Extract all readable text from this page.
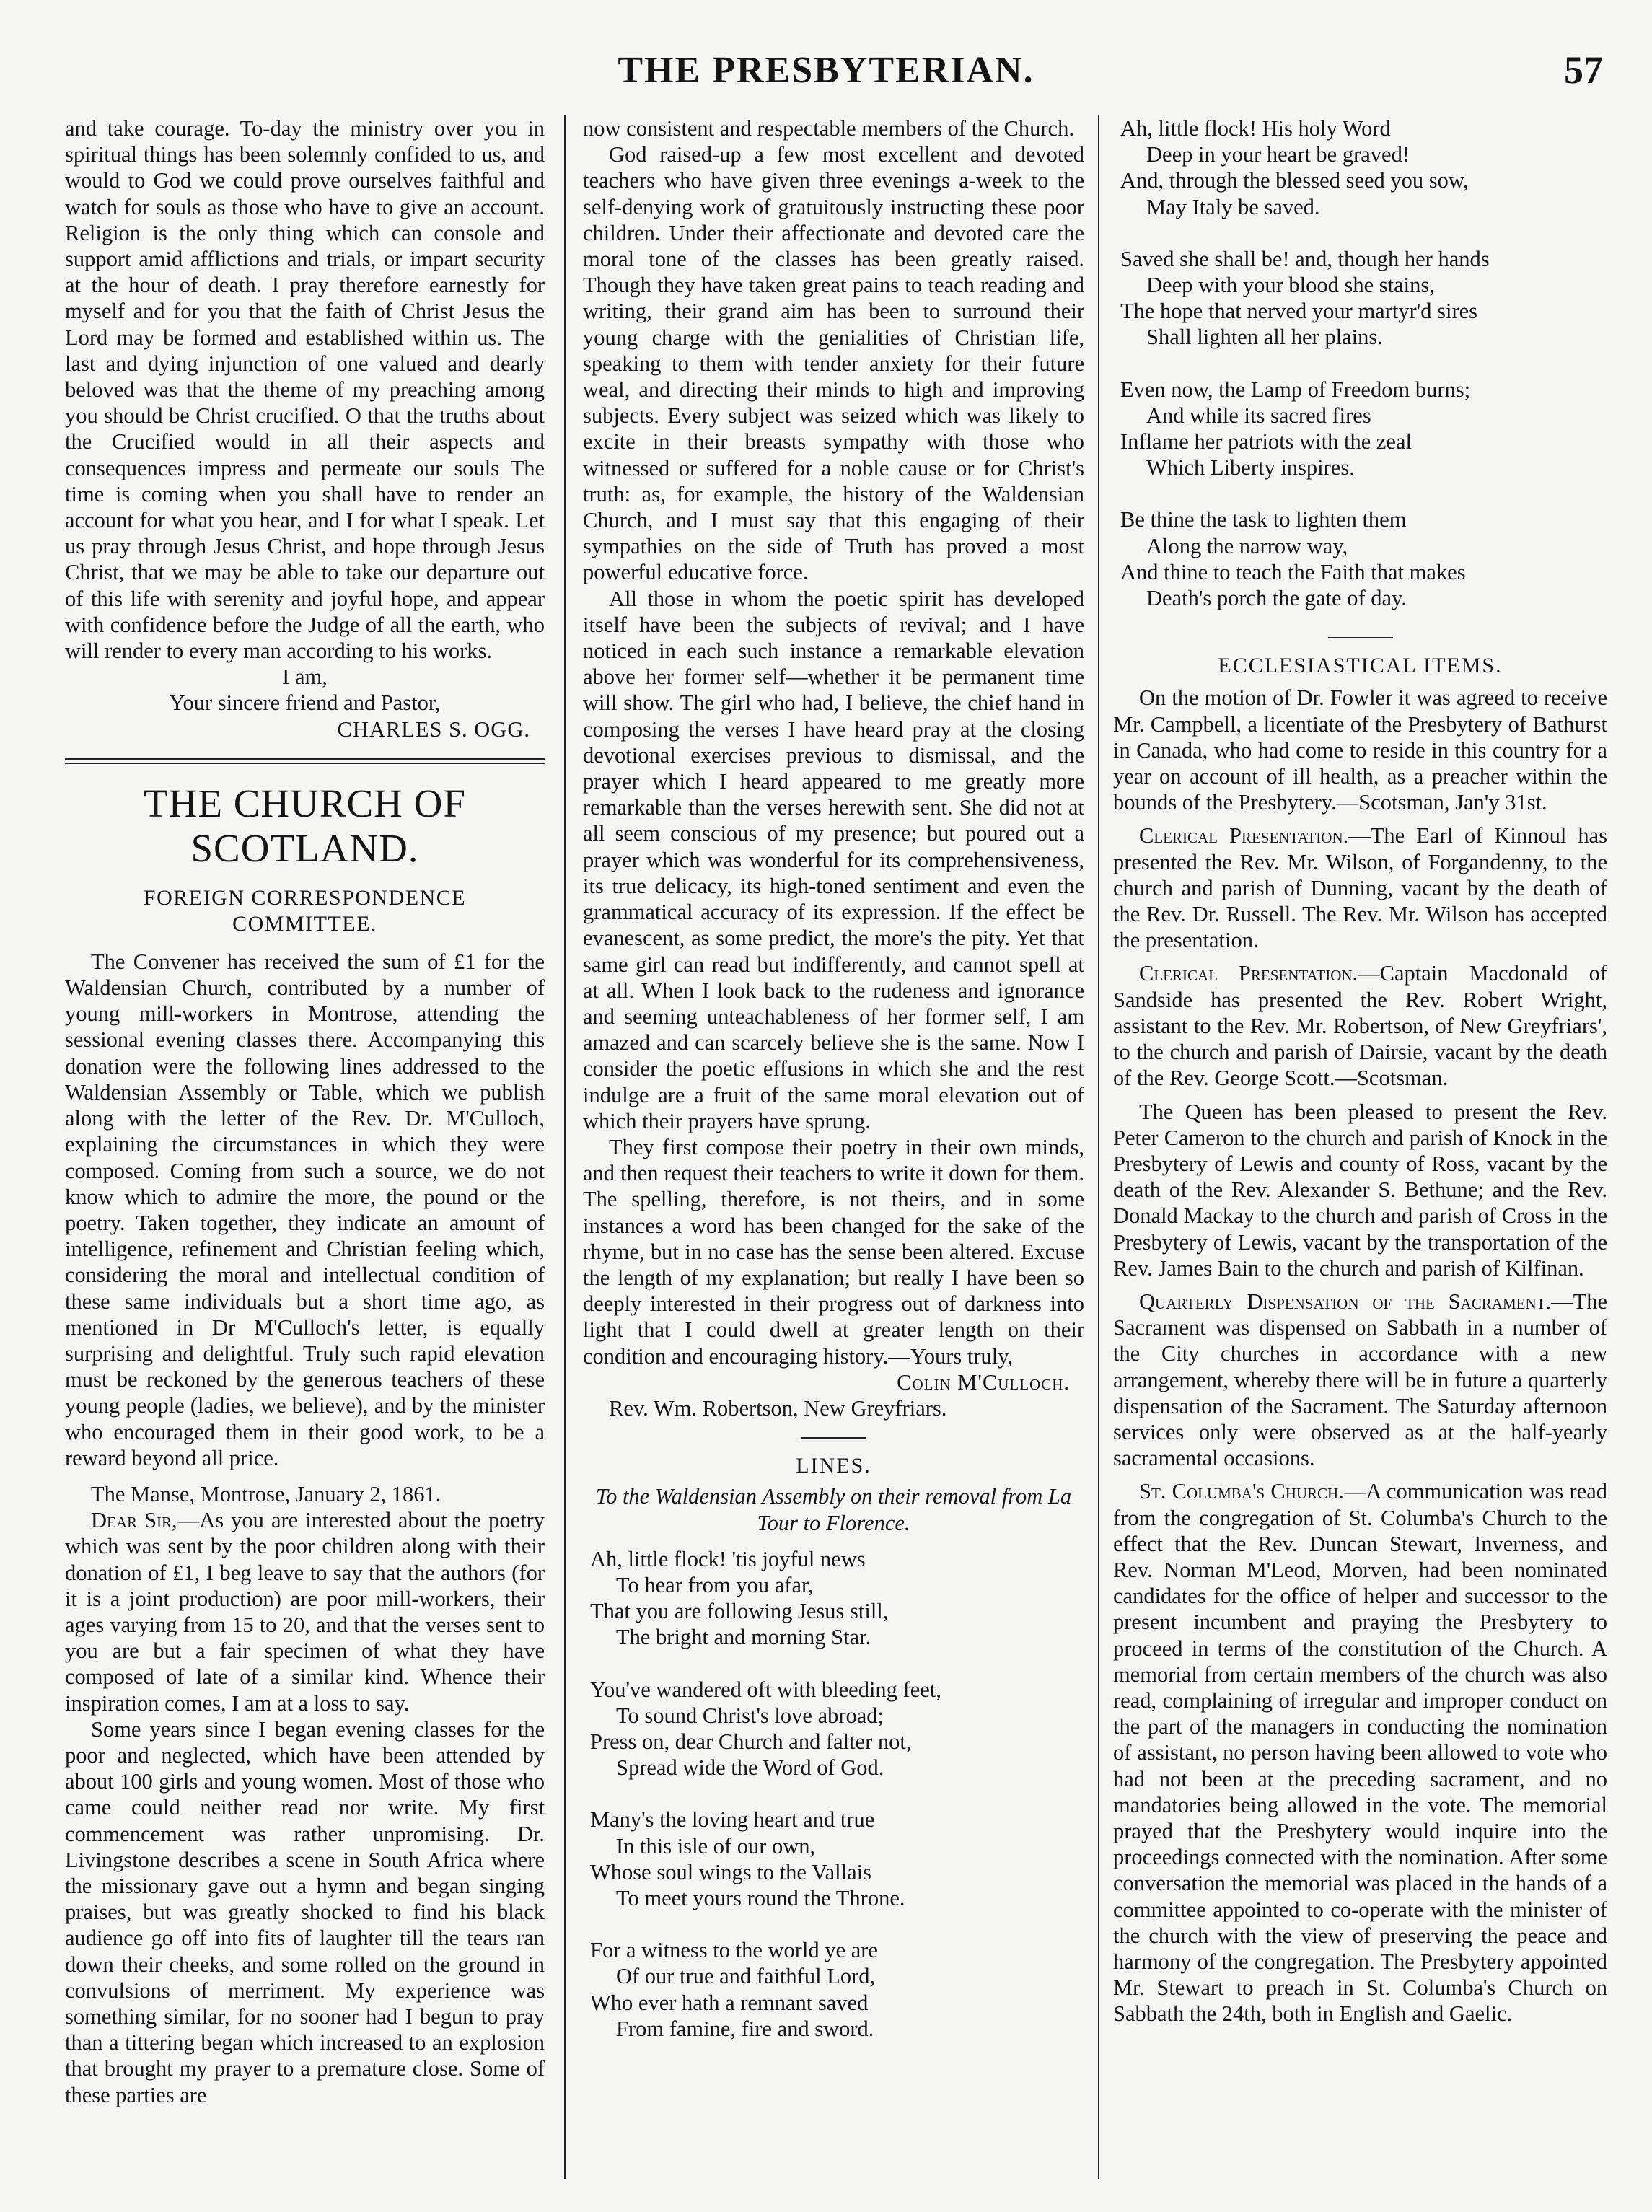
THE PRESBYTERIAN.	57

and take courage. To-day the ministry over you in spiritual things has been solemnly confided to us, and would to God we could prove ourselves faithful and watch for souls as those who have to give an account. Religion is the only thing which can console and support amid afflictions and trials, or impart security at the hour of death. I pray therefore earnestly for myself and for you that the faith of Christ Jesus the Lord may be formed and established within us. The last and dying injunction of one valued and dearly beloved was that the theme of my preaching among you should be Christ crucified. O that the truths about the Crucified would in all their aspects and consequences impress and permeate our souls The time is coming when you shall have to render an account for what you hear, and I for what I speak. Let us pray through Jesus Christ, and hope through Jesus Christ, that we may be able to take our departure out of this life with serenity and joyful hope, and appear with confidence before the Judge of all the earth, who will render to every man according to his works.

I am,

Your sincere friend and Pastor,

CHARLES S. OGG.

THE CHURCH OF SCOTLAND.
FOREIGN CORRESPONDENCE
COMMITTEE.

The Convener has received the sum of £1 for the Waldensian Church, contributed by a number of young mill-workers in Montrose, attending the sessional evening classes there. Accompanying this donation were the following lines addressed to the Waldensian Assembly or Table, which we publish along with the letter of the Rev. Dr. M'Culloch, explaining the circumstances in which they were composed. Coming from such a source, we do not know which to admire the more, the pound or the poetry. Taken together, they indicate an amount of intelligence, refinement and Christian feeling which, considering the moral and intellectual condition of these same individuals but a short time ago, as mentioned in Dr M'Culloch's letter, is equally surprising and delightful. Truly such rapid elevation must be reckoned by the generous teachers of these young people (ladies, we believe), and by the minister who encouraged them in their good work, to be a reward beyond all price.

The Manse, Montrose, January 2, 1861.

Dear Sir,—As you are interested about the poetry which was sent by the poor children along with their donation of £1, I beg leave to say that the authors (for it is a joint production) are poor mill-workers, their ages varying from 15 to 20, and that the verses sent to you are but a fair specimen of what they have composed of late of a similar kind. Whence their inspiration comes, I am at a loss to say.

Some years since I began evening classes for the poor and neglected, which have been attended by about 100 girls and young women. Most of those who came could neither read nor write. My first commencement was rather unpromising. Dr. Livingstone describes a scene in South Africa where the missionary gave out a hymn and began singing praises, but was greatly shocked to find his black audience go off into fits of laughter till the tears ran down their cheeks, and some rolled on the ground in convulsions of merriment. My experience was something similar, for no sooner had I begun to pray than a tittering began which increased to an explosion that brought my prayer to a premature close. Some of these parties are

now consistent and respectable members of the Church.

God raised-up a few most excellent and devoted teachers who have given three evenings a-week to the self-denying work of gratuitously instructing these poor children. Under their affectionate and devoted care the moral tone of the classes has been greatly raised. Though they have taken great pains to teach reading and writing, their grand aim has been to surround their young charge with the genialities of Christian life, speaking to them with tender anxiety for their future weal, and directing their minds to high and improving subjects. Every subject was seized which was likely to excite in their breasts sympathy with those who witnessed or suffered for a noble cause or for Christ's truth: as, for example, the history of the Waldensian Church, and I must say that this engaging of their sympathies on the side of Truth has proved a most powerful educative force.

All those in whom the poetic spirit has developed itself have been the subjects of revival; and I have noticed in each such instance a remarkable elevation above her former self—whether it be permanent time will show. The girl who had, I believe, the chief hand in composing the verses I have heard pray at the closing devotional exercises previous to dismissal, and the prayer which I heard appeared to me greatly more remarkable than the verses herewith sent. She did not at all seem conscious of my presence; but poured out a prayer which was wonderful for its comprehensiveness, its true delicacy, its high-toned sentiment and even the grammatical accuracy of its expression. If the effect be evanescent, as some predict, the more's the pity. Yet that same girl can read but indifferently, and cannot spell at at all. When I look back to the rudeness and ignorance and seeming unteachableness of her former self, I am amazed and can scarcely believe she is the same. Now I consider the poetic effusions in which she and the rest indulge are a fruit of the same moral elevation out of which their prayers have sprung.

They first compose their poetry in their own minds, and then request their teachers to write it down for them. The spelling, therefore, is not theirs, and in some instances a word has been changed for the sake of the rhyme, but in no case has the sense been altered. Excuse the length of my explanation; but really I have been so deeply interested in their progress out of darkness into light that I could dwell at greater length on their condition and encouraging history.—Yours truly,

Colin M'Culloch.

Rev. Wm. Robertson, New Greyfriars.

LINES.
To the Waldensian Assembly on their removal from La Tour to Florence.
Ah, little flock! 'tis joyful news
To hear from you afar,
That you are following Jesus still,
The bright and morning Star.
You've wandered oft with bleeding feet,
To sound Christ's love abroad;
Press on, dear Church and falter not,
Spread wide the Word of God.
Many's the loving heart and true
In this isle of our own,
Whose soul wings to the Vallais
To meet yours round the Throne.
For a witness to the world ye are
Of our true and faithful Lord,
Who ever hath a remnant saved
From famine, fire and sword.
Ah, little flock! His holy Word
Deep in your heart be graved!
And, through the blessed seed you sow,
May Italy be saved.
Saved she shall be! and, though her hands
Deep with your blood she stains,
The hope that nerved your martyr'd sires
Shall lighten all her plains.
Even now, the Lamp of Freedom burns;
And while its sacred fires
Inflame her patriots with the zeal
Which Liberty inspires.
Be thine the task to lighten them
Along the narrow way,
And thine to teach the Faith that makes
Death's porch the gate of day.
ECCLESIASTICAL ITEMS.

On the motion of Dr. Fowler it was agreed to receive Mr. Campbell, a licentiate of the Presbytery of Bathurst in Canada, who had come to reside in this country for a year on account of ill health, as a preacher within the bounds of the Presbytery.—Scotsman, Jan'y 31st.

Clerical Presentation.—The Earl of Kinnoul has presented the Rev. Mr. Wilson, of Forgandenny, to the church and parish of Dunning, vacant by the death of the Rev. Dr. Russell. The Rev. Mr. Wilson has accepted the presentation.

Clerical Presentation.—Captain Macdonald of Sandside has presented the Rev. Robert Wright, assistant to the Rev. Mr. Robertson, of New Greyfriars', to the church and parish of Dairsie, vacant by the death of the Rev. George Scott.—Scotsman.

The Queen has been pleased to present the Rev. Peter Cameron to the church and parish of Knock in the Presbytery of Lewis and county of Ross, vacant by the death of the Rev. Alexander S. Bethune; and the Rev. Donald Mackay to the church and parish of Cross in the Presbytery of Lewis, vacant by the transportation of the Rev. James Bain to the church and parish of Kilfinan.

Quarterly Dispensation of the Sacrament.—The Sacrament was dispensed on Sabbath in a number of the City churches in accordance with a new arrangement, whereby there will be in future a quarterly dispensation of the Sacrament. The Saturday afternoon services only were observed as at the half-yearly sacramental occasions.

St. Columba's Church.—A communication was read from the congregation of St. Columba's Church to the effect that the Rev. Duncan Stewart, Inverness, and Rev. Norman M'Leod, Morven, had been nominated candidates for the office of helper and successor to the present incumbent and praying the Presbytery to proceed in terms of the constitution of the Church. A memorial from certain members of the church was also read, complaining of irregular and improper conduct on the part of the managers in conducting the nomination of assistant, no person having been allowed to vote who had not been at the preceding sacrament, and no mandatories being allowed in the vote. The memorial prayed that the Presbytery would inquire into the proceedings connected with the nomination. After some conversation the memorial was placed in the hands of a committee appointed to co-operate with the minister of the church with the view of preserving the peace and harmony of the congregation. The Presbytery appointed Mr. Stewart to preach in St. Columba's Church on Sabbath the 24th, both in English and Gaelic.
